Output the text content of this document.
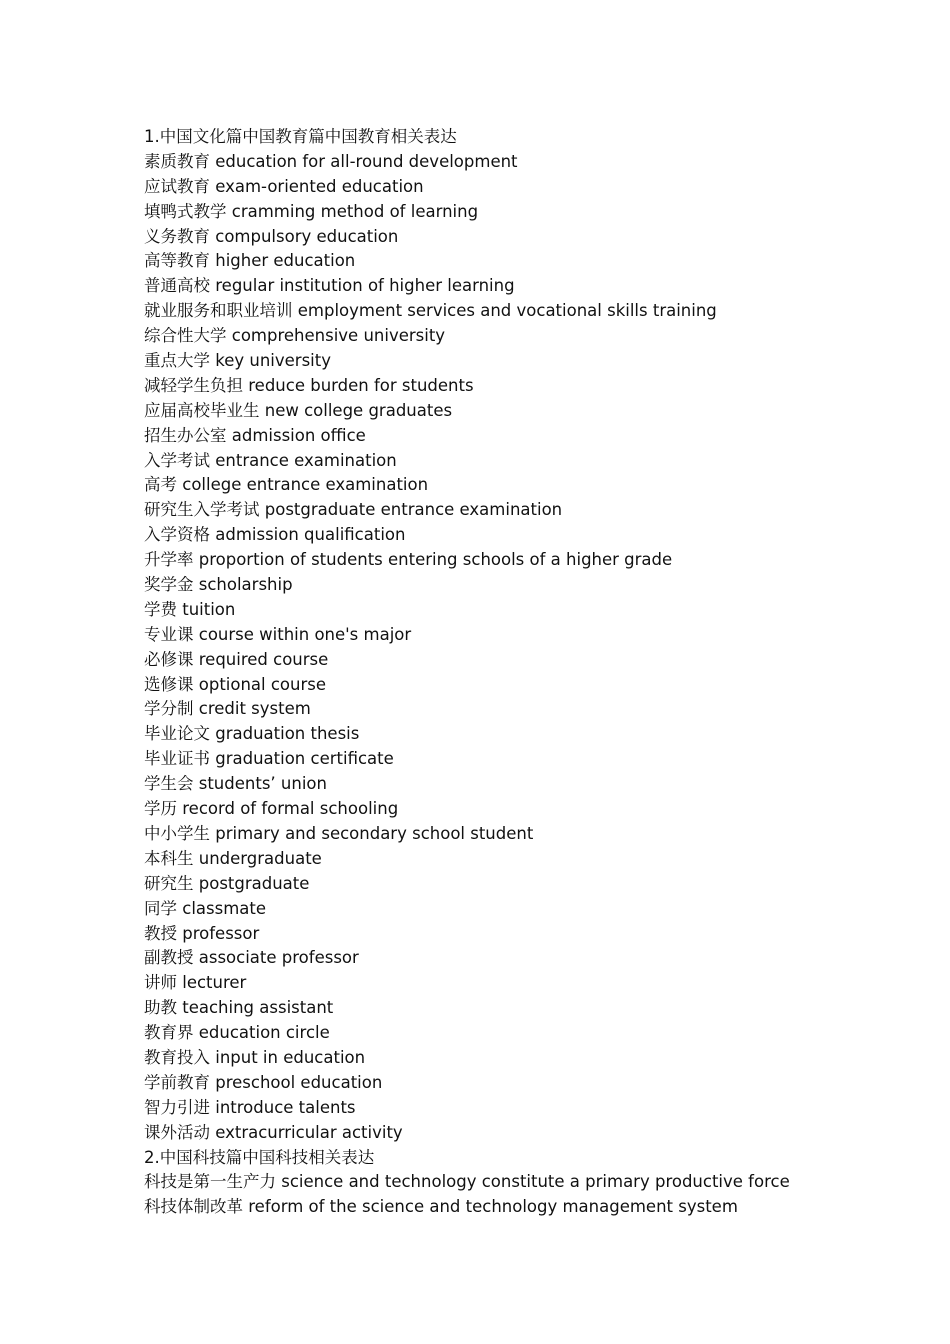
1.中国文化篇中国教育篇中国教育相关表达
素质教育 education for all-round development
应试教育 exam-oriented education
填鸭式教学 cramming method of learning
义务教育 compulsory education
高等教育 higher education
普通高校 regular institution of higher learning
就业服务和职业培训 employment services and vocational skills training
综合性大学 comprehensive university
重点大学 key university
减轻学生负担 reduce burden for students
应届高校毕业生 new college graduates
招生办公室 admission office
入学考试 entrance examination
高考 college entrance examination
研究生入学考试 postgraduate entrance examination
入学资格 admission qualification
升学率 proportion of students entering schools of a higher grade
奖学金 scholarship
学费 tuition
专业课 course within one's major
必修课 required course
选修课 optional course
学分制 credit system
毕业论文 graduation thesis
毕业证书 graduation certificate
学生会 students’ union
学历 record of formal schooling
中小学生 primary and secondary school student
本科生 undergraduate
研究生 postgraduate
同学 classmate
教授 professor
副教授 associate professor
讲师 lecturer
助教 teaching assistant
教育界 education circle
教育投入 input in education
学前教育 preschool education
智力引进 introduce talents
课外活动 extracurricular activity
2.中国科技篇中国科技相关表达
科技是第一生产力 science and technology constitute a primary productive force
科技体制改革 reform of the science and technology management system
